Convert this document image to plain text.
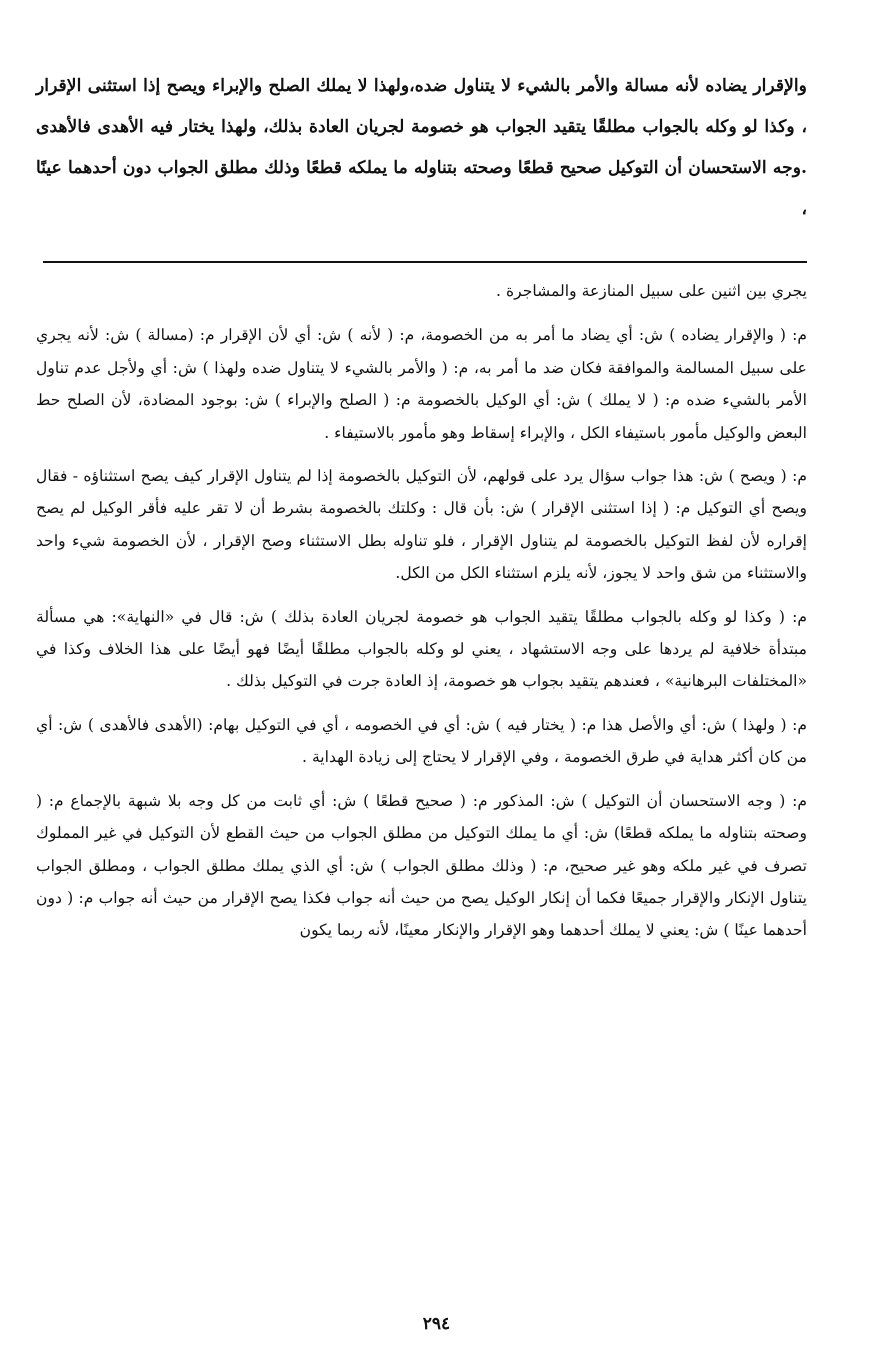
والإقرار يضاده لأنه مسالة والأمر بالشيء لا يتناول ضده،ولهذا لا يملك الصلح والإبراء ويصح إذا استثنى الإقرار ، وكذا لو وكله بالجواب مطلقًا يتقيد الجواب هو خصومة لجريان العادة بذلك، ولهذا يختار فيه الأهدى فالأهدى .وجه الاستحسان أن التوكيل صحيح قطعًا وصحته بتناوله ما يملكه قطعًا وذلك مطلق الجواب دون أحدهما عينًا ،

يجري بين اثنين على سبيل المنازعة والمشاجرة .

م: ( والإقرار يضاده ) ش: أي يضاد ما أمر به من الخصومة، م: ( لأنه ) ش: أي لأن الإقرار م: (مسالة ) ش: لأنه يجري على سبيل المسالمة والموافقة فكان ضد ما أمر به، م: ( والأمر بالشيء لا يتناول ضده ولهذا ) ش: أي ولأجل عدم تناول الأمر بالشيء ضده م: ( لا يملك ) ش: أي الوكيل بالخصومة م: ( الصلح والإبراء ) ش: بوجود المضادة، لأن الصلح حط البعض والوكيل مأمور باستيفاء الكل ، والإبراء إسقاط وهو مأمور بالاستيفاء .

م: ( ويصح ) ش: هذا جواب سؤال يرد على قولهم، لأن التوكيل بالخصومة إذا لم يتناول الإقرار كيف يصح استثناؤه - فقال ويصح أي التوكيل م: ( إذا استثنى الإقرار ) ش: بأن قال : وكلتك بالخصومة بشرط أن لا تقر عليه فأقر الوكيل لم يصح إقراره لأن لفظ التوكيل بالخصومة لم يتناول الإقرار ، فلو تناوله بطل الاستثناء وصح الإقرار ، لأن الخصومة شيء واحد والاستثناء من شق واحد لا يجوز، لأنه يلزم استثناء الكل من الكل.

م: ( وكذا لو وكله بالجواب مطلقًا يتقيد الجواب هو خصومة لجريان العادة بذلك ) ش: قال في «النهاية»: هي مسألة مبتدأة خلافية لم يردها على وجه الاستشهاد ، يعني لو وكله بالجواب مطلقًا أيضًا فهو أيضًا على هذا الخلاف وكذا في «المختلفات البرهانية» ، فعندهم يتقيد بجواب هو خصومة، إذ العادة جرت في التوكيل بذلك .

م: ( ولهذا ) ش: أي والأصل هذا م: ( يختار فيه ) ش: أي في الخصومه ، أي في التوكيل بهام: (الأهدى فالأهدى ) ش: أي من كان أكثر هداية في طرق الخصومة ، وفي الإقرار لا يحتاج إلى زيادة الهداية .

م: ( وجه الاستحسان أن التوكيل ) ش: المذكور م: ( صحيح قطعًا ) ش: أي ثابت من كل وجه بلا شبهة بالإجماع م: ( وصحته بتناوله ما يملكه قطعًا) ش: أي ما يملك التوكيل من مطلق الجواب من حيث القطع لأن التوكيل في غير المملوك تصرف في غير ملكه وهو غير صحيح، م: ( وذلك مطلق الجواب ) ش: أي الذي يملك مطلق الجواب ، ومطلق الجواب يتناول الإنكار والإقرار جميعًا فكما أن إنكار الوكيل يصح من حيث أنه جواب فكذا يصح الإقرار من حيث أنه جواب م: ( دون أحدهما عينًا ) ش: يعني لا يملك أحدهما وهو الإقرار والإنكار معينًا، لأنه ربما يكون

٢٩٤
